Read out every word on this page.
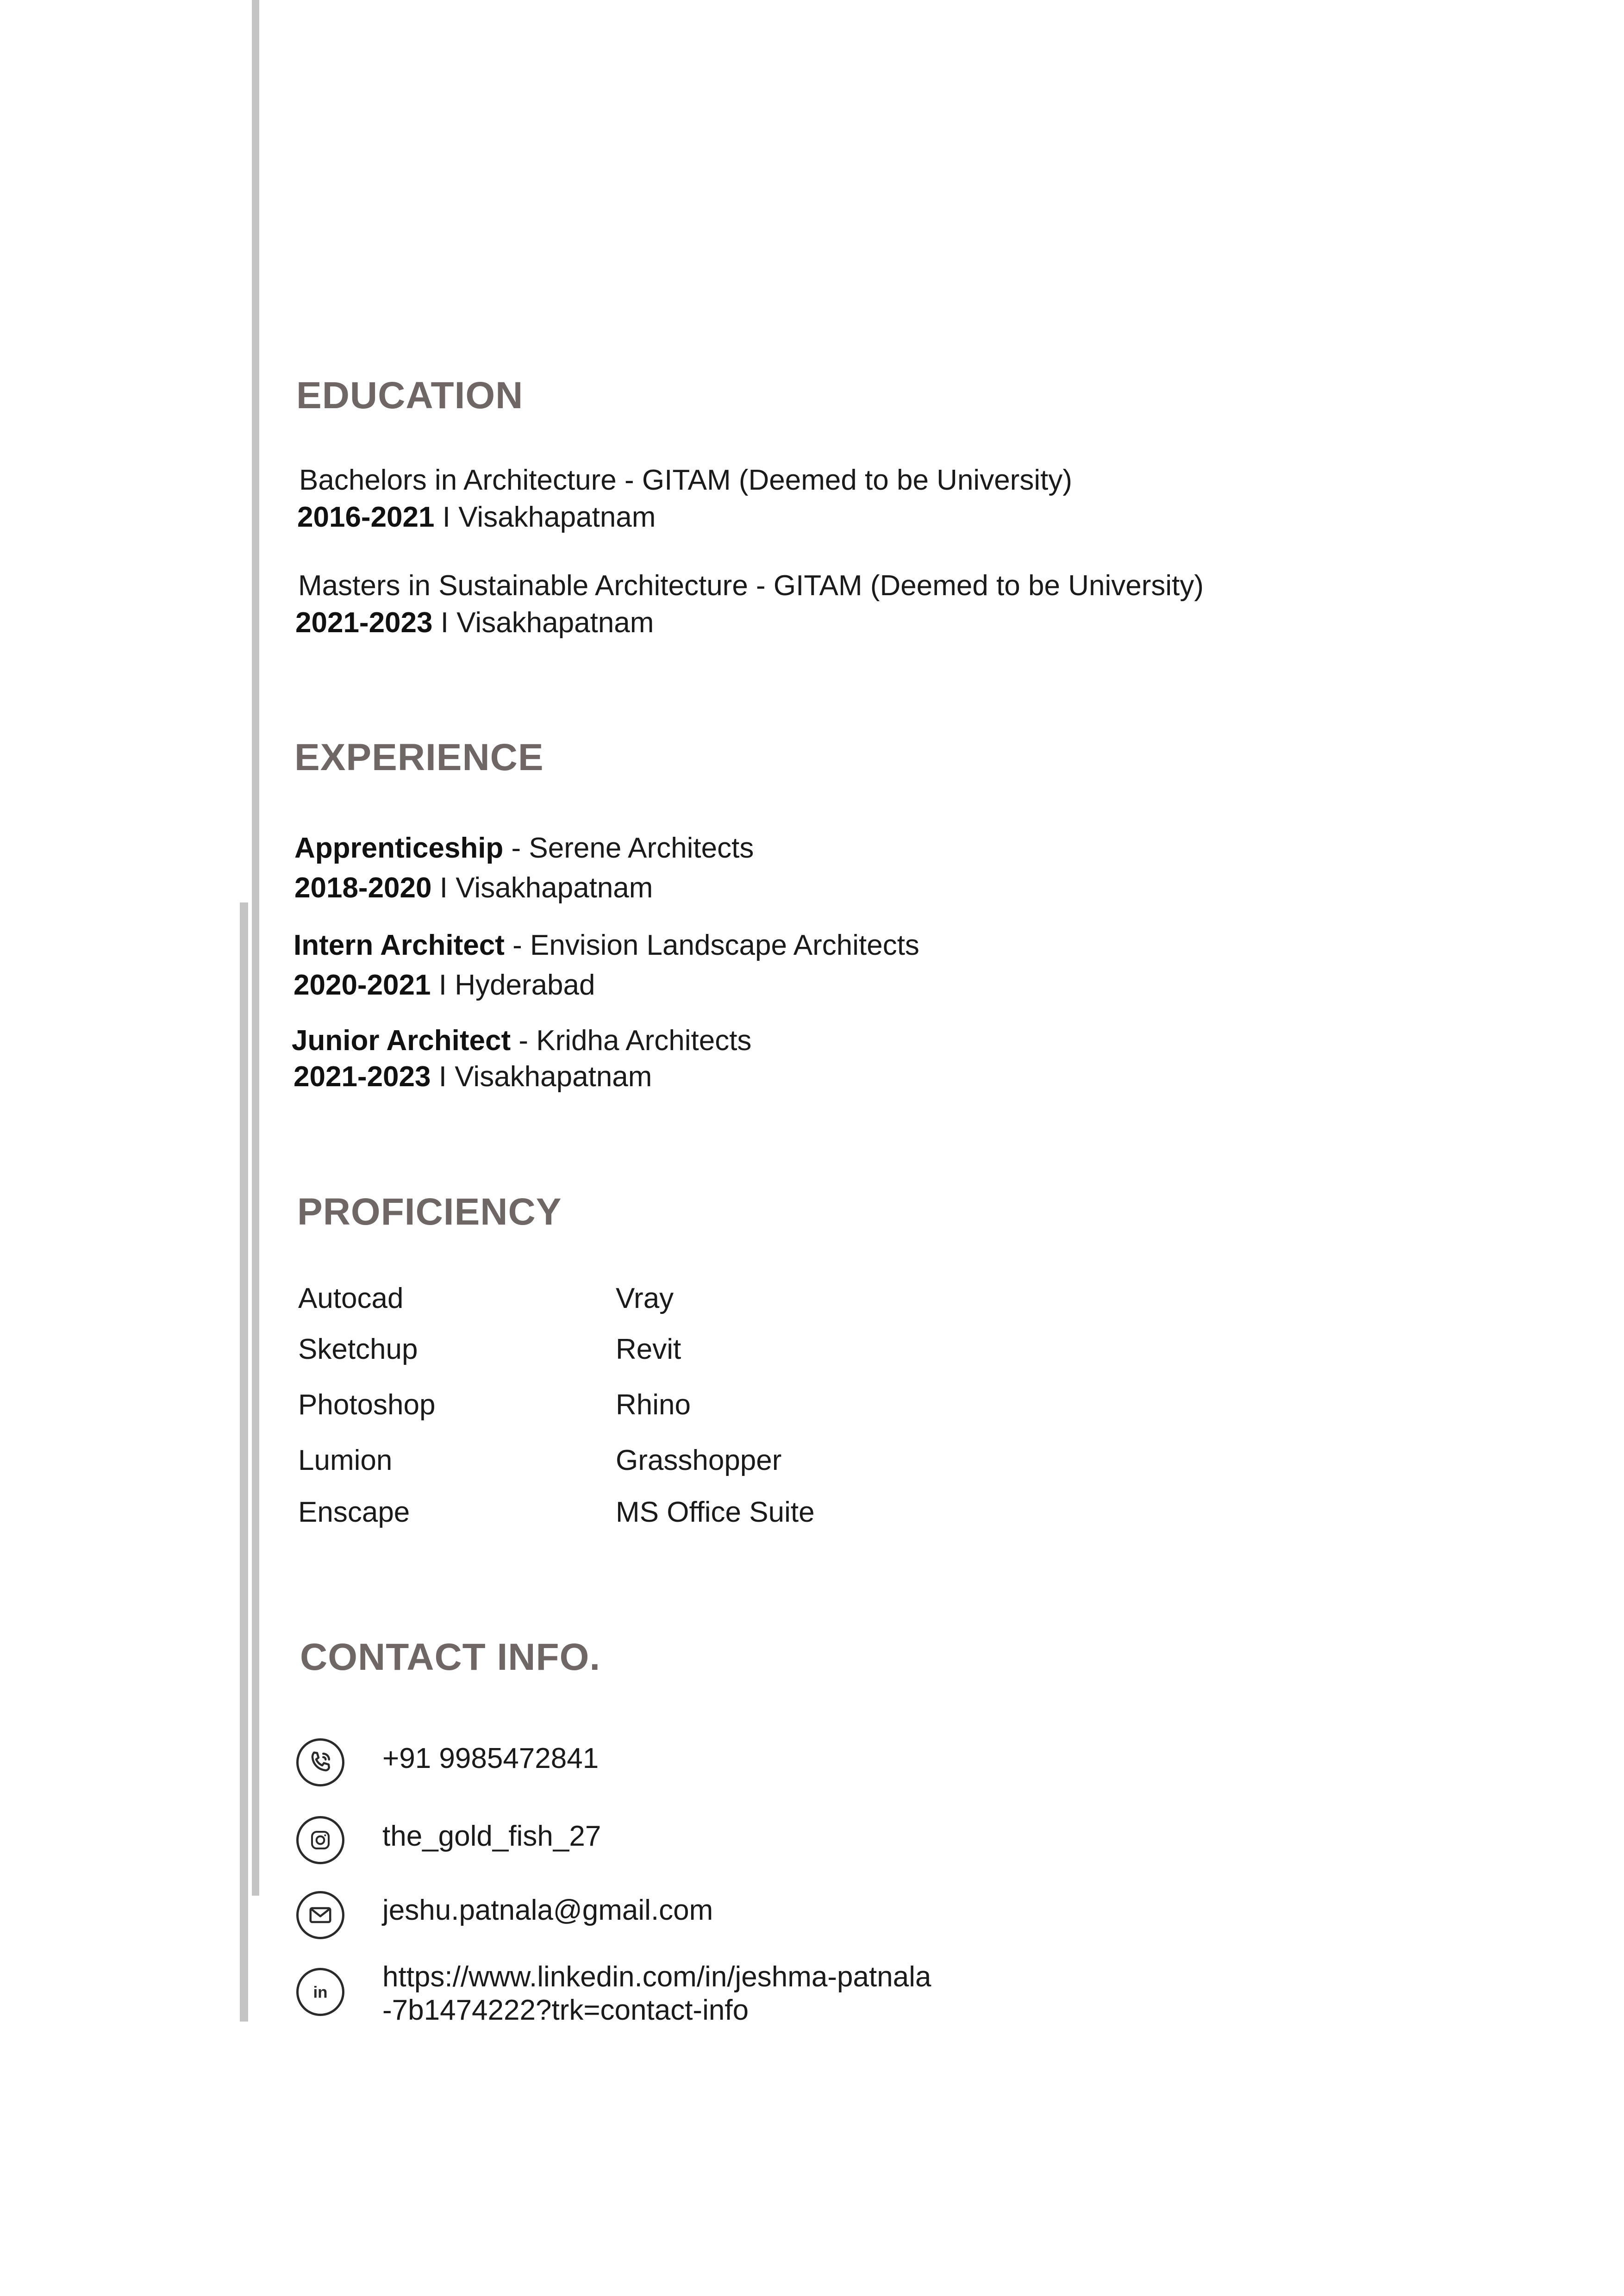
EDUCATION
Bachelors in Architecture - GITAM (Deemed to be University)
2016-2021 I Visakhapatnam
Masters in Sustainable Architecture - GITAM (Deemed to be University)
2021-2023 I Visakhapatnam
EXPERIENCE
Apprenticeship - Serene Architects
2018-2020 I Visakhapatnam
Intern Architect - Envision Landscape Architects
2020-2021 I Hyderabad
Junior Architect - Kridha Architects
2021-2023 I Visakhapatnam
PROFICIENCY
Autocad
Sketchup
Photoshop
Lumion
Enscape
Vray
Revit
Rhino
Grasshopper
MS Office Suite
CONTACT INFO.
+91 9985472841
the_gold_fish_27
jeshu.patnala@gmail.com
in https://www.linkedin.com/in/jeshma-patnala
-7b1474222?trk=contact-info
